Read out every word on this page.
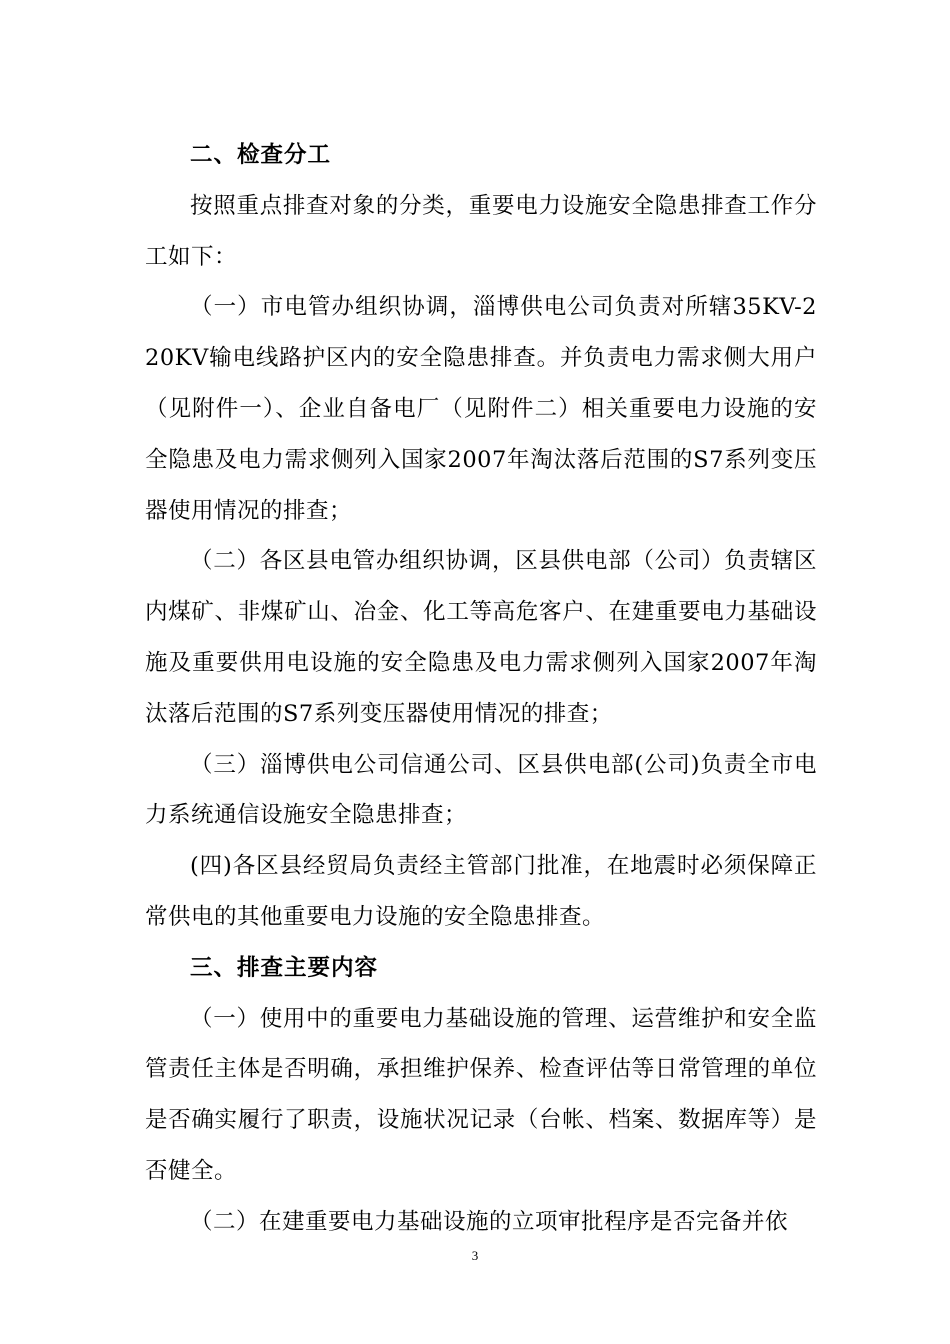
二、检查分工

按照重点排查对象的分类，重要电力设施安全隐患排查工作分工如下：

（一）市电管办组织协调，淄博供电公司负责对所辖35KV-220KV输电线路护区内的安全隐患排查。并负责电力需求侧大用户（见附件一）、企业自备电厂（见附件二）相关重要电力设施的安全隐患及电力需求侧列入国家2007年淘汰落后范围的S7系列变压器使用情况的排查；

（二）各区县电管办组织协调，区县供电部（公司）负责辖区内煤矿、非煤矿山、冶金、化工等高危客户、在建重要电力基础设施及重要供用电设施的安全隐患及电力需求侧列入国家2007年淘汰落后范围的S7系列变压器使用情况的排查；

（三）淄博供电公司信通公司、区县供电部(公司)负责全市电力系统通信设施安全隐患排查；

(四)各区县经贸局负责经主管部门批准，在地震时必须保障正常供电的其他重要电力设施的安全隐患排查。

三、排查主要内容

（一）使用中的重要电力基础设施的管理、运营维护和安全监管责任主体是否明确，承担维护保养、检查评估等日常管理的单位是否确实履行了职责，设施状况记录（台帐、档案、数据库等）是否健全。

（二）在建重要电力基础设施的立项审批程序是否完备并依

3
